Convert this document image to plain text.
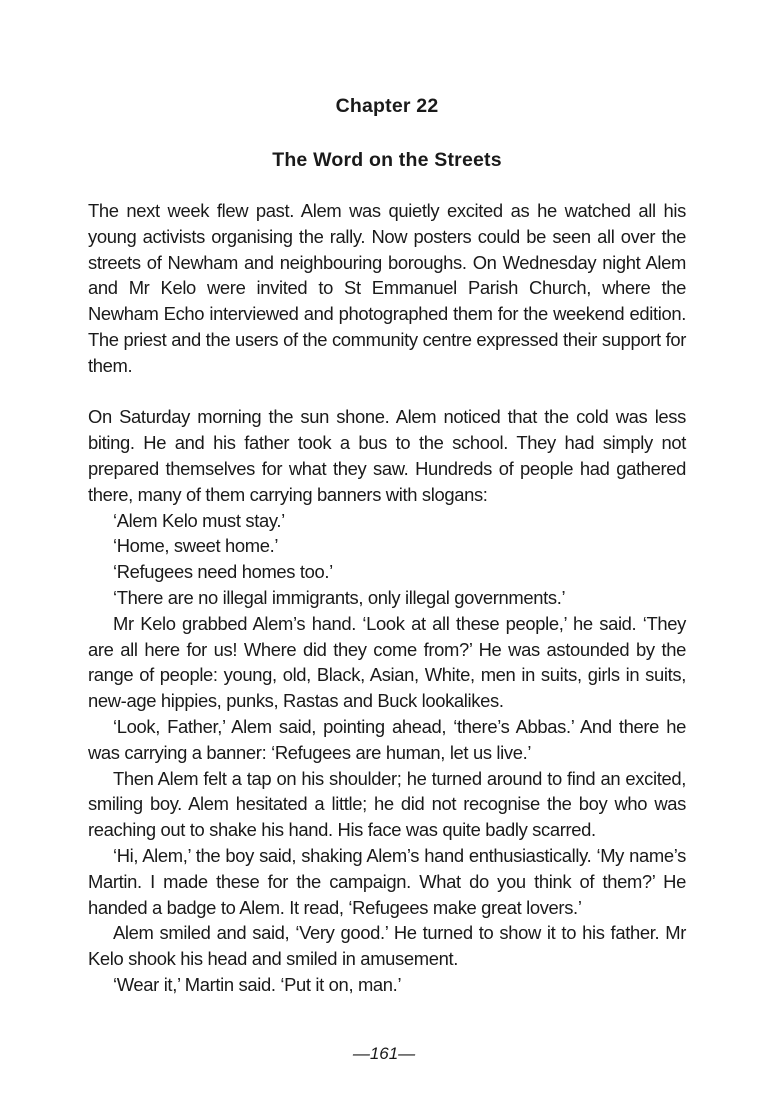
Chapter 22
The Word on the Streets

The next week flew past. Alem was quietly excited as he watched all his young activists organising the rally. Now posters could be seen all over the streets of Newham and neighbouring boroughs. On Wednesday night Alem and Mr Kelo were invited to St Emmanuel Parish Church, where the Newham Echo interviewed and photographed them for the weekend edition. The priest and the users of the community centre expressed their support for them.

On Saturday morning the sun shone. Alem noticed that the cold was less biting. He and his father took a bus to the school. They had simply not prepared themselves for what they saw. Hundreds of people had gathered there, many of them carrying banners with slogans:

‘Alem Kelo must stay.’

‘Home, sweet home.’

‘Refugees need homes too.’

‘There are no illegal immigrants, only illegal governments.’

Mr Kelo grabbed Alem’s hand. ‘Look at all these people,’ he said. ‘They are all here for us! Where did they come from?’ He was astounded by the range of people: young, old, Black, Asian, White, men in suits, girls in suits, new-age hippies, punks, Rastas and Buck lookalikes.

‘Look, Father,’ Alem said, pointing ahead, ‘there’s Abbas.’ And there he was carrying a banner: ‘Refugees are human, let us live.’

Then Alem felt a tap on his shoulder; he turned around to find an excited, smiling boy. Alem hesitated a little; he did not recognise the boy who was reaching out to shake his hand. His face was quite badly scarred.

‘Hi, Alem,’ the boy said, shaking Alem’s hand enthusiastically. ‘My name’s Martin. I made these for the campaign. What do you think of them?’ He handed a badge to Alem. It read, ‘Refugees make great lovers.’

Alem smiled and said, ‘Very good.’ He turned to show it to his father. Mr Kelo shook his head and smiled in amusement.

‘Wear it,’ Martin said. ‘Put it on, man.’

—161—
